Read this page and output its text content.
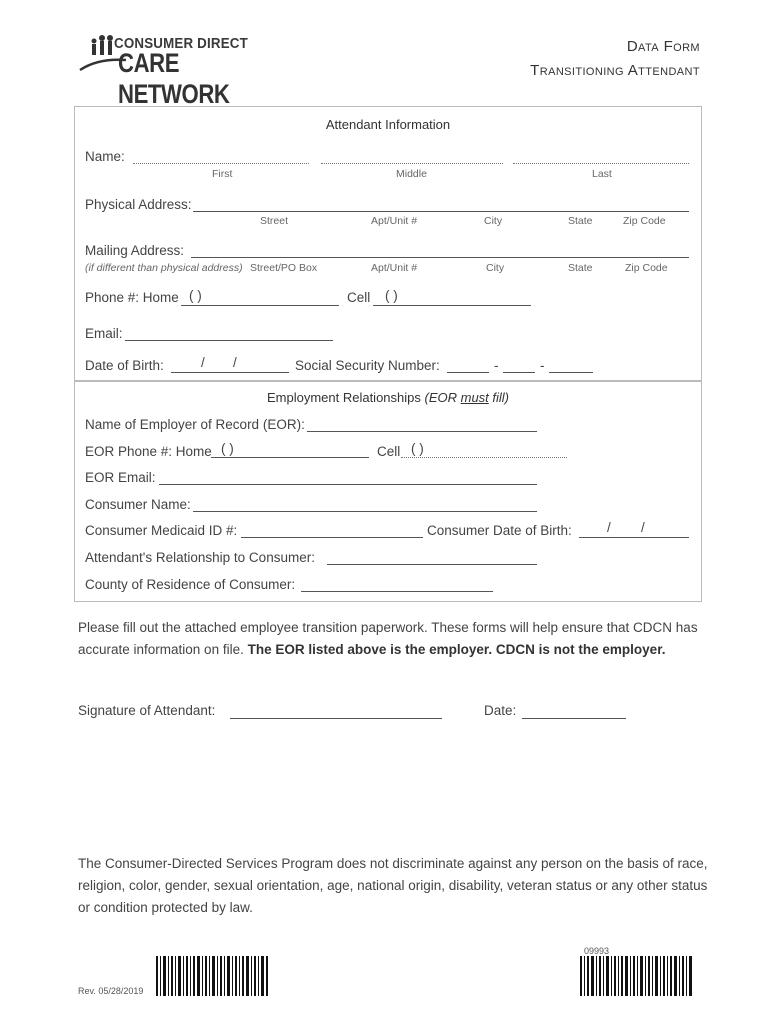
CONSUMER DIRECT
CARE NETWORK
Data Form
Transitioning Attendant
Attendant Information
Name:
First	Middle	Last
Physical Address:
Street	Apt/Unit #	City	State	Zip Code
Mailing Address:
(if different than physical address) Street/PO Box	Apt/Unit #	City	State	Zip Code
Phone #: Home ( )	Cell ( )
Email:
Date of Birth:	/ /	Social Security Number:	-	-
Employment Relationships (EOR must fill)
Name of Employer of Record (EOR):
EOR Phone #: Home ( )	Cell ( )
EOR Email:
Consumer Name:
Consumer Medicaid ID #:	Consumer Date of Birth:	/ /
Attendant's Relationship to Consumer:
County of Residence of Consumer:
Please fill out the attached employee transition paperwork. These forms will help ensure that CDCN has accurate information on file. The EOR listed above is the employer. CDCN is not the employer.
Signature of Attendant:	Date:
The Consumer-Directed Services Program does not discriminate against any person on the basis of race, religion, color, gender, sexual orientation, age, national origin, disability, veteran status or any other status or condition protected by law.
Rev. 05/28/2019
09993
